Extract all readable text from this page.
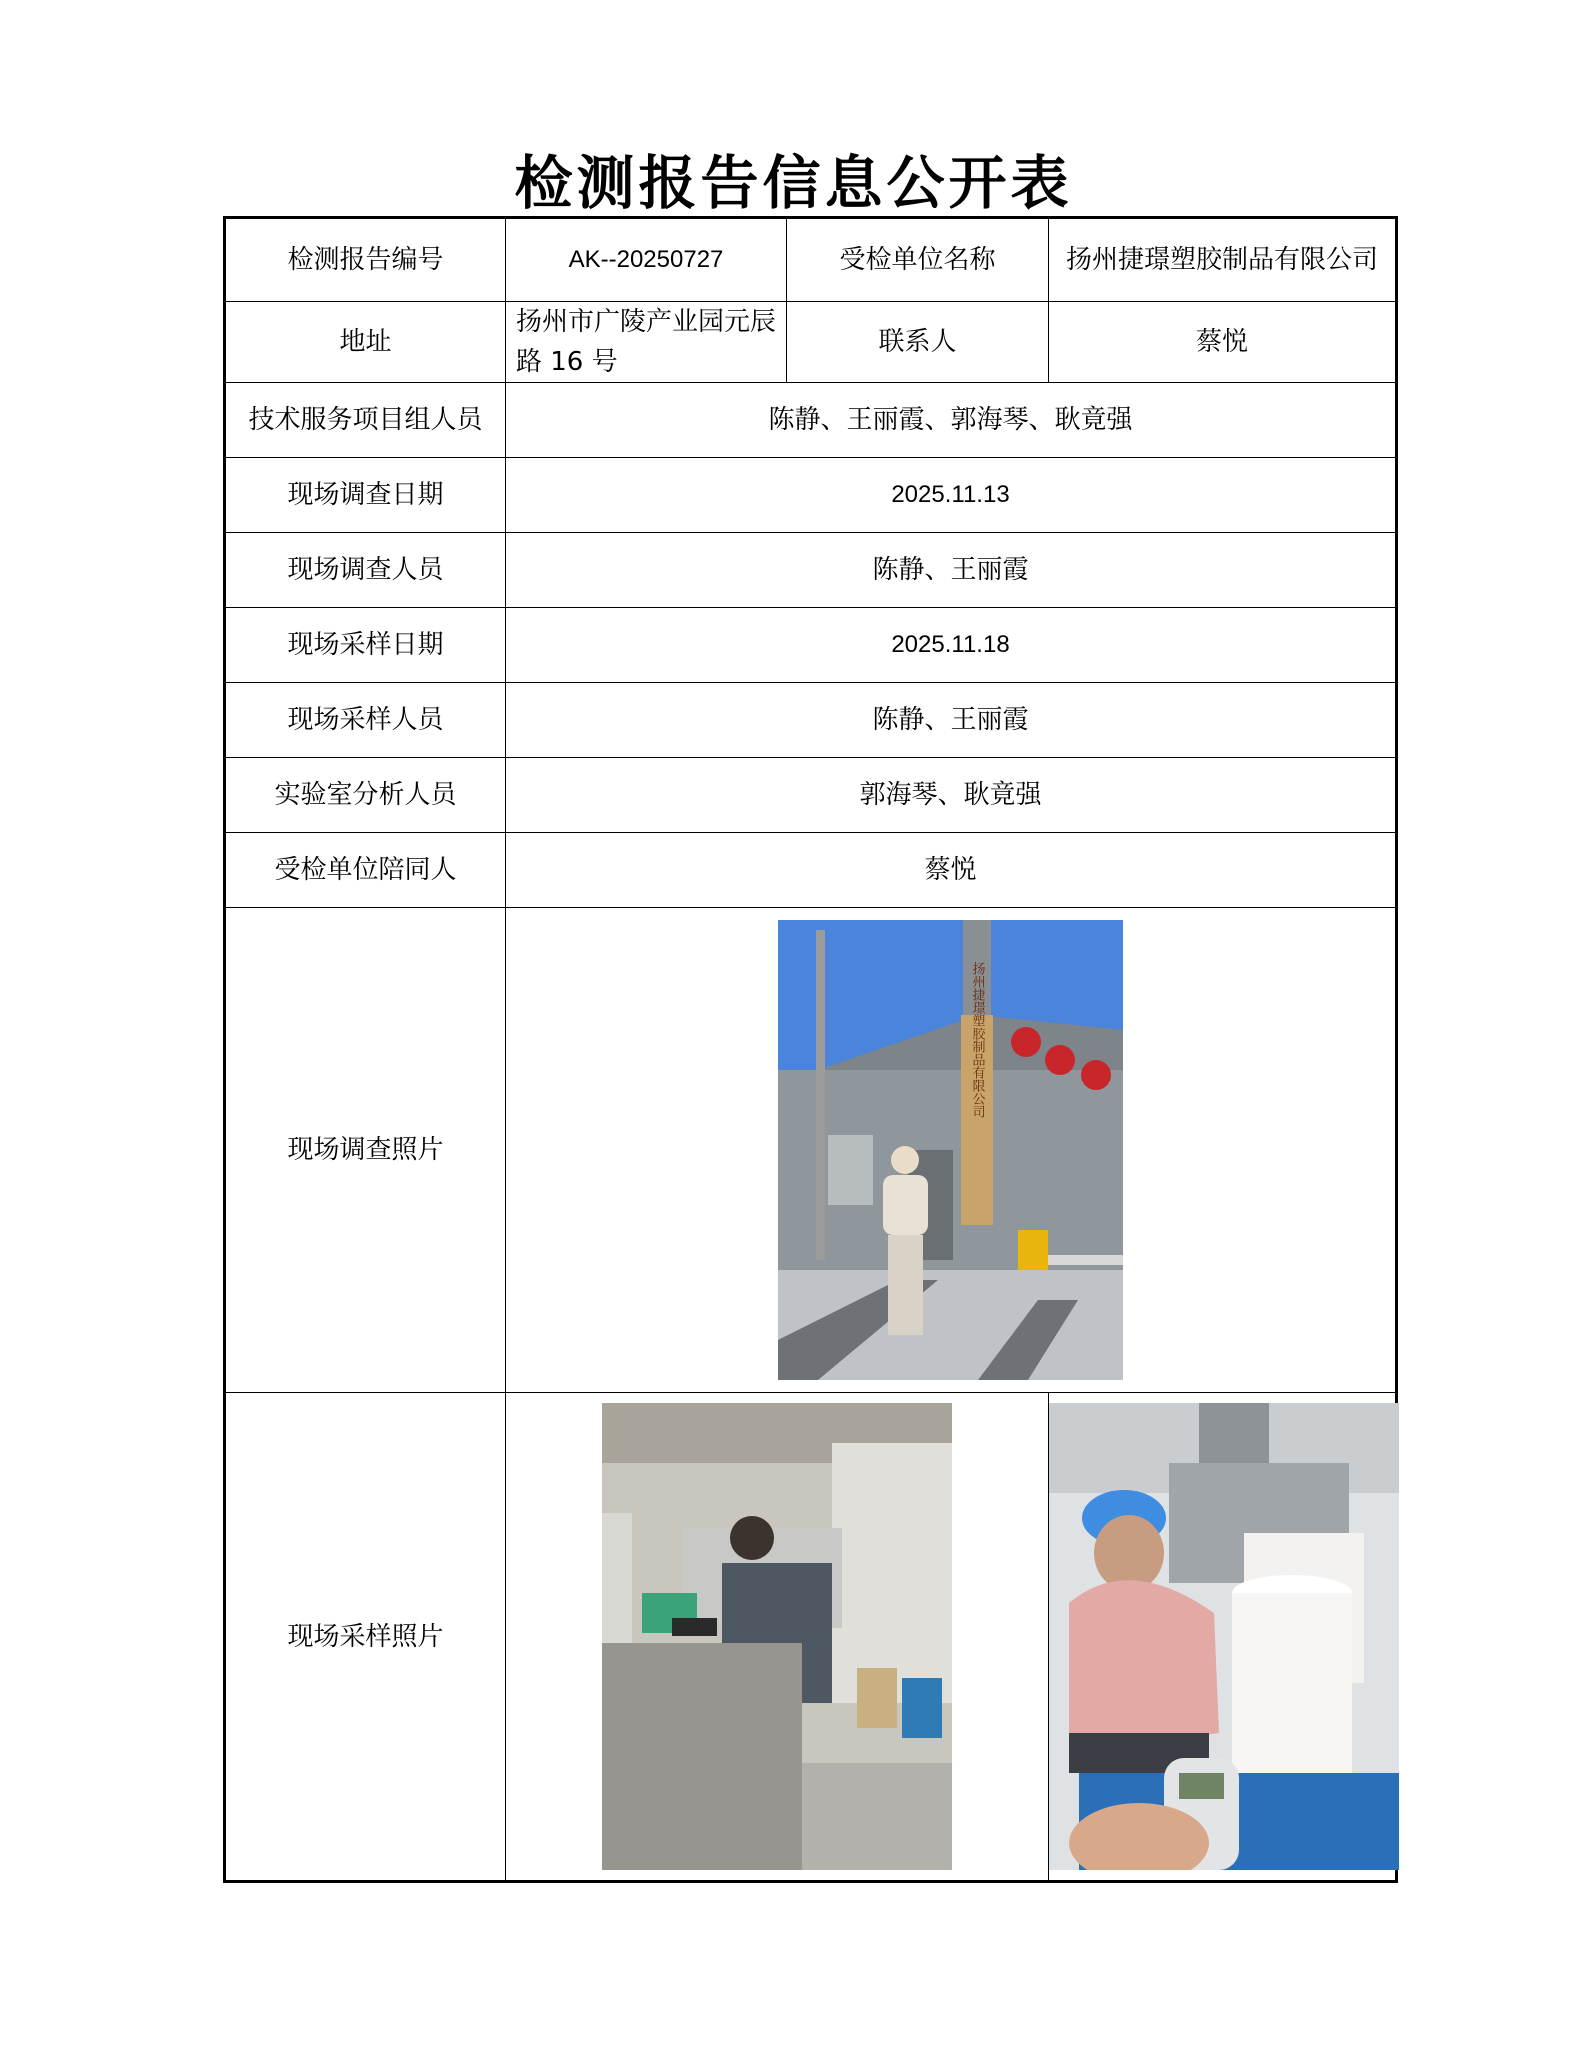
检测报告信息公开表
检测报告编号	AK--20250727	受检单位名称	扬州捷璟塑胶制品有限公司
地址	扬州市广陵产业园元辰路 16 号	联系人	蔡悦
技术服务项目组人员	陈静、王丽霞、郭海琴、耿竟强		
现场调查日期	2025.11.13		
现场调查人员	陈静、王丽霞		
现场采样日期	2025.11.18		
现场采样人员	陈静、王丽霞		
实验室分析人员	郭海琴、耿竟强		
受检单位陪同人	蔡悦		
现场调查照片	扬州捷璟塑胶制品有限公司		

现场采样照片	
